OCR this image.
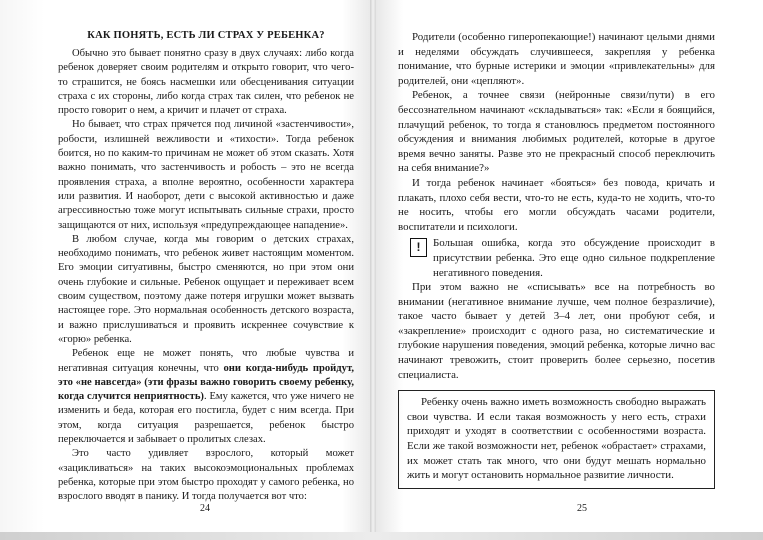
КАК ПОНЯТЬ, ЕСТЬ ЛИ СТРАХ У РЕБЕНКА?

Обычно это бывает понятно сразу в двух случаях: либо когда ребенок доверяет своим родителям и открыто говорит, что чего-то страшится, не боясь насмешки или обесценивания ситуации страха с их стороны, либо когда страх так силен, что ребенок не просто говорит о нем, а кричит и плачет от страха.

Но бывает, что страх прячется под личиной «застенчивости», робости, излишней вежливости и «тихости». Тогда ребенок боится, но по каким-то причинам не может об этом сказать. Хотя важно понимать, что застенчивость и робость – это не всегда проявления страха, а вполне вероятно, особенности характера или развития. И наоборот, дети с высокой активностью и даже агрессивностью тоже могут испытывать сильные страхи, просто защищаются от них, используя «предупреждающее нападение».

В любом случае, когда мы говорим о детских страхах, необходимо понимать, что ребенок живет настоящим моментом. Его эмоции ситуативны, быстро сменяются, но при этом они очень глубокие и сильные. Ребенок ощущает и переживает всем своим существом, поэтому даже потеря игрушки может вызвать настоящее горе. Это нормальная особенность детского возраста, и важно прислушиваться и проявить искреннее сочувствие к «горю» ребенка.

Ребенок еще не может понять, что любые чувства и негативная ситуация конечны, что они когда-нибудь пройдут, это «не навсегда» (эти фразы важно говорить своему ребенку, когда случится неприятность). Ему кажется, что уже ничего не изменить и беда, которая его постигла, будет с ним всегда. При этом, когда ситуация разрешается, ребенок быстро переключается и забывает о пролитых слезах.

Это часто удивляет взрослого, который может «зацикливаться» на таких высокоэмоциональных проблемах ребенка, которые при этом быстро проходят у самого ребенка, но взрослого вводят в панику. И тогда получается вот что:

24

Родители (особенно гиперопекающие!) начинают целыми днями и неделями обсуждать случившееся, закрепляя у ребенка понимание, что бурные истерики и эмоции «привлекательны» для родителей, они «цепляют».

Ребенок, а точнее связи (нейронные связи/пути) в его бессознательном начинают «складываться» так: «Если я боящийся, плачущий ребенок, то тогда я становлюсь предметом постоянного обсуждения и внимания любимых родителей, которые в другое время вечно заняты. Разве это не прекрасный способ переключить на себя внимание?»

И тогда ребенок начинает «бояться» без повода, кричать и плакать, плохо себя вести, что-то не есть, куда-то не ходить, что-то не носить, чтобы его могли обсуждать часами родители, воспитатели и психологи.

!	Большая ошибка, когда это обсуждение происходит в присутствии ребенка. Это еще одно сильное подкрепление негативного поведения.

При этом важно не «списывать» все на потребность во внимании (негативное внимание лучше, чем полное безразличие), такое часто бывает у детей 3–4 лет, они пробуют себя, и «закрепление» происходит с одного раза, но систематические и глубокие нарушения поведения, эмоций ребенка, которые лично вас начинают тревожить, стоит проверить более серьезно, посетив специалиста.

Ребенку очень важно иметь возможность свободно выражать свои чувства. И если такая возможность у него есть, страхи приходят и уходят в соответствии с особенностями возраста. Если же такой возможности нет, ребенок «обрастает» страхами, их может стать так много, что они будут мешать нормально жить и могут остановить нормальное развитие личности.

25
